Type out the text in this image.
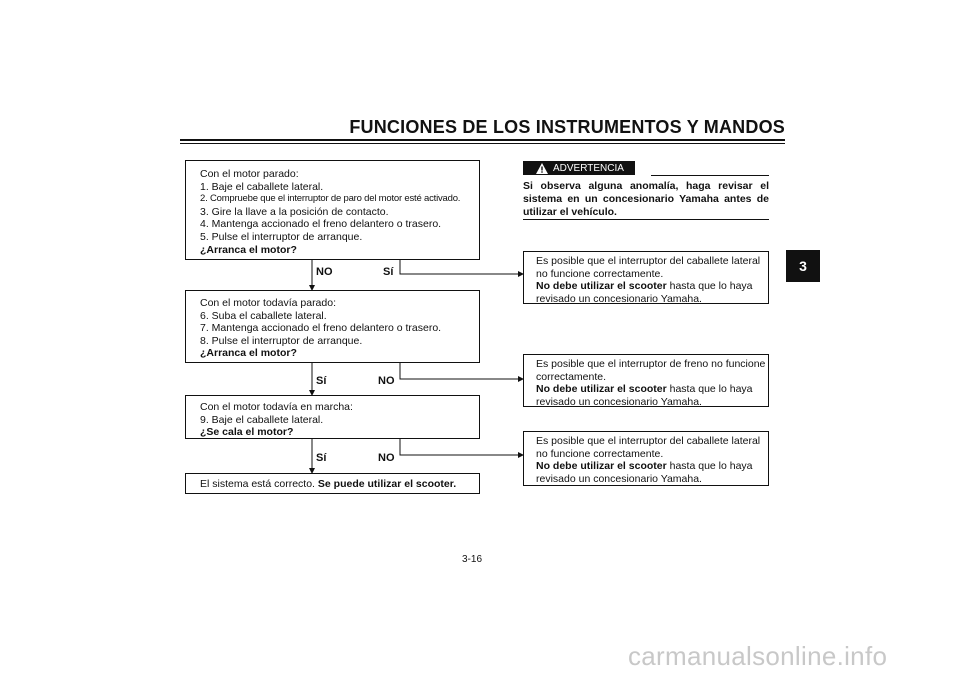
FUNCIONES DE LOS INSTRUMENTOS Y MANDOS
3
Con el motor parado:
1. Baje el caballete lateral.
2. Compruebe que el interruptor de paro del motor esté activado.
3. Gire la llave a la posición de contacto.
4. Mantenga accionado el freno delantero o trasero.
5. Pulse el interruptor de arranque.
¿Arranca el motor?
NO	Sí
Con el motor todavía parado:
6. Suba el caballete lateral.
7. Mantenga accionado el freno delantero o trasero.
8. Pulse el interruptor de arranque.
¿Arranca el motor?
Sí	NO
Con el motor todavía en marcha:
9. Baje el caballete lateral.
¿Se cala el motor?
Sí	NO
El sistema está correcto. Se puede utilizar el scooter.
ADVERTENCIA
Si observa alguna anomalía, haga revisar el sistema en un concesionario Yamaha antes de utilizar el vehículo.
Es posible que el interruptor del caballete lateral
no funcione correctamente.
No debe utilizar el scooter hasta que lo haya
revisado un concesionario Yamaha.
Es posible que el interruptor de freno no funcione
correctamente.
No debe utilizar el scooter hasta que lo haya
revisado un concesionario Yamaha.
Es posible que el interruptor del caballete lateral
no funcione correctamente.
No debe utilizar el scooter hasta que lo haya
revisado un concesionario Yamaha.
3-16
carmanualsonline.info
